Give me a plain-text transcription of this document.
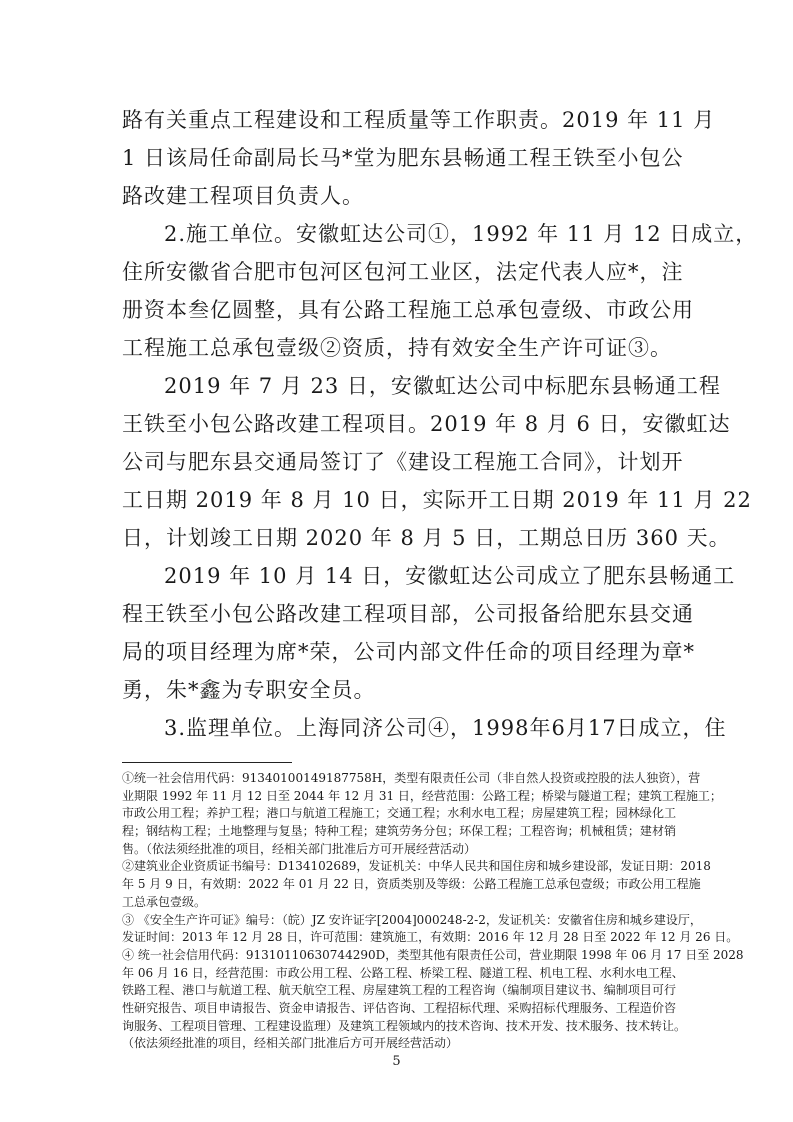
路有关重点工程建设和工程质量等工作职责。2019 年 11 月
1 日该局任命副局长马*堂为肥东县畅通工程王铁至小包公
路改建工程项目负责人。
2.施工单位。安徽虹达公司①，1992 年 11 月 12 日成立，
住所安徽省合肥市包河区包河工业区，法定代表人应*，注
册资本叁亿圆整，具有公路工程施工总承包壹级、市政公用
工程施工总承包壹级②资质，持有效安全生产许可证③。
2019 年 7 月 23 日，安徽虹达公司中标肥东县畅通工程
王铁至小包公路改建工程项目。2019 年 8 月 6 日，安徽虹达
公司与肥东县交通局签订了《建设工程施工合同》，计划开
工日期 2019 年 8 月 10 日，实际开工日期 2019 年 11 月 22
日，计划竣工日期 2020 年 8 月 5 日，工期总日历 360 天。
2019 年 10 月 14 日，安徽虹达公司成立了肥东县畅通工
程王铁至小包公路改建工程项目部，公司报备给肥东县交通
局的项目经理为席*荣，公司内部文件任命的项目经理为章*
勇，朱*鑫为专职安全员。
3.监理单位。上海同济公司④，1998年6月17日成立，住
①统一社会信用代码：91340100149187758H，类型有限责任公司（非自然人投资或控股的法人独资），营
业期限 1992 年 11 月 12 日至 2044 年 12 月 31 日，经营范围：公路工程；桥梁与隧道工程；建筑工程施工；
市政公用工程；养护工程；港口与航道工程施工；交通工程；水利水电工程；房屋建筑工程；园林绿化工
程；钢结构工程；土地整理与复垦；特种工程；建筑劳务分包；环保工程；工程咨询；机械租赁；建材销
售。（依法须经批准的项目，经相关部门批准后方可开展经营活动）
②建筑业企业资质证书编号：D134102689，发证机关：中华人民共和国住房和城乡建设部，发证日期：2018
年 5 月 9 日，有效期：2022 年 01 月 22 日，资质类别及等级：公路工程施工总承包壹级；市政公用工程施
工总承包壹级。
③ 《安全生产许可证》编号：（皖）JZ 安许证字[2004]000248-2-2，发证机关：安徽省住房和城乡建设厅，
发证时间：2013 年 12 月 28 日，许可范围：建筑施工，有效期：2016 年 12 月 28 日至 2022 年 12 月 26 日。
④ 统一社会信用代码：91310110630744290D，类型其他有限责任公司，营业期限 1998 年 06 月 17 日至 2028
年 06 月 16 日，经营范围：市政公用工程、公路工程、桥梁工程、隧道工程、机电工程、水利水电工程、
铁路工程、港口与航道工程、航天航空工程、房屋建筑工程的工程咨询（编制项目建议书、编制项目可行
性研究报告、项目申请报告、资金申请报告、评估咨询、工程招标代理、采购招标代理服务、工程造价咨
询服务、工程项目管理、工程建设监理）及建筑工程领域内的技术咨询、技术开发、技术服务、技术转让。
（依法须经批准的项目，经相关部门批准后方可开展经营活动）
5
